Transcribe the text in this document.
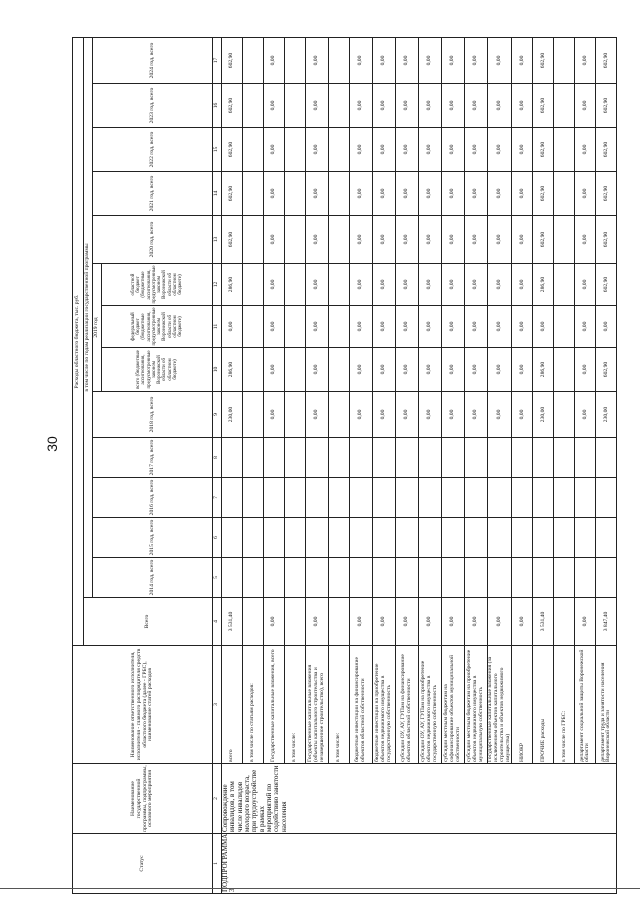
30
Статус	Наименование государственной программы, подпрограммы, основного мероприятия	Наименование ответственного исполнителя, исполнителя - главного распорядителя средств областного бюджета (далее - ГРБС), наименование статей расходов	Расходы областного бюджета, тыс. руб.													
			Всего	в том числе по годам реализации государственной программы												
				2014 год, всего	2015 год, всего	2016 год, всего	2017 год, всего	2018 год, всего	2019 год			2020 год, всего	2021 год, всего	2022 год, всего	2023 год, всего	2024 год, всего
									всего (бюджетные ассигнования, предусмотренные законом Воронежской области об областном бюджете)	федеральный бюджет (бюджетные ассигнования, предусмотренные законом Воронежской области об областном бюджете)	областной бюджет (бюджетные ассигнования, предусмотренные законом Воронежской области об областном бюджете)					
1	2	3	4	5	6	7	8	9	10	11	12	13	14	15	16	17
ПОДПРОГРАММА 3	Сопровождение инвалидов, в том числе инвалидов молодого возраста, при трудоустройстве в рамках мероприятий по содействию занятости населения	всего	3 531,40					230,00	286,90	0,00	286,90	602,90	602,90	602,90	602,90	602,90
		в том числе по статьям расходов:														
		Государственные капитальные вложения, всего	0,00					0,00	0,00	0,00	0,00	0,00	0,00	0,00	0,00	0,00
		в том числе:														
		Государственные капитальные вложения (объекты капитального строительства и незавершенное строительство), всего	0,00					0,00	0,00	0,00	0,00	0,00	0,00	0,00	0,00	0,00
		в том числе:														
		бюджетные инвестиции на финансирование объектов областной собственности	0,00					0,00	0,00	0,00	0,00	0,00	0,00	0,00	0,00	0,00
		бюджетные инвестиции на приобретение объектов недвижимого имущества в государственную собственность	0,00					0,00	0,00	0,00	0,00	0,00	0,00	0,00	0,00	0,00
		субсидии ОУ, АУ, ГУПам на финансирование объектов областной собственности	0,00					0,00	0,00	0,00	0,00	0,00	0,00	0,00	0,00	0,00
		субсидии ОУ, АУ, ГУПам на приобретение объектов недвижимого имущества в государственную собственность	0,00					0,00	0,00	0,00	0,00	0,00	0,00	0,00	0,00	0,00
		субсидии местным бюджетам на софинансирование объектов муниципальной собственности	0,00					0,00	0,00	0,00	0,00	0,00	0,00	0,00	0,00	0,00
		субсидии местным бюджетам на приобретение объектов недвижимого имущества в муниципальную собственность	0,00					0,00	0,00	0,00	0,00	0,00	0,00	0,00	0,00	0,00
		Государственные капитальные вложения (за исключением объектов капитального строительства и объектов недвижимого имущества)	0,00					0,00	0,00	0,00	0,00	0,00	0,00	0,00	0,00	0,00
		НИОКР	0,00					0,00	0,00	0,00	0,00	0,00	0,00	0,00	0,00	0,00
		ПРОЧИЕ расходы	3 531,40					230,00	286,90	0,00	286,90	602,90	602,90	602,90	602,90	602,90
		в том числе по ГРБС:														
		департамент социальной защиты Воронежской области	0,00					0,00	0,00	0,00	0,00	0,00	0,00	0,00	0,00	0,00
		департамент труда и занятости населения Воронежской области	3 847,40					230,00	602,90	0,00	602,90	602,90	602,90	602,90	602,90	602,90
